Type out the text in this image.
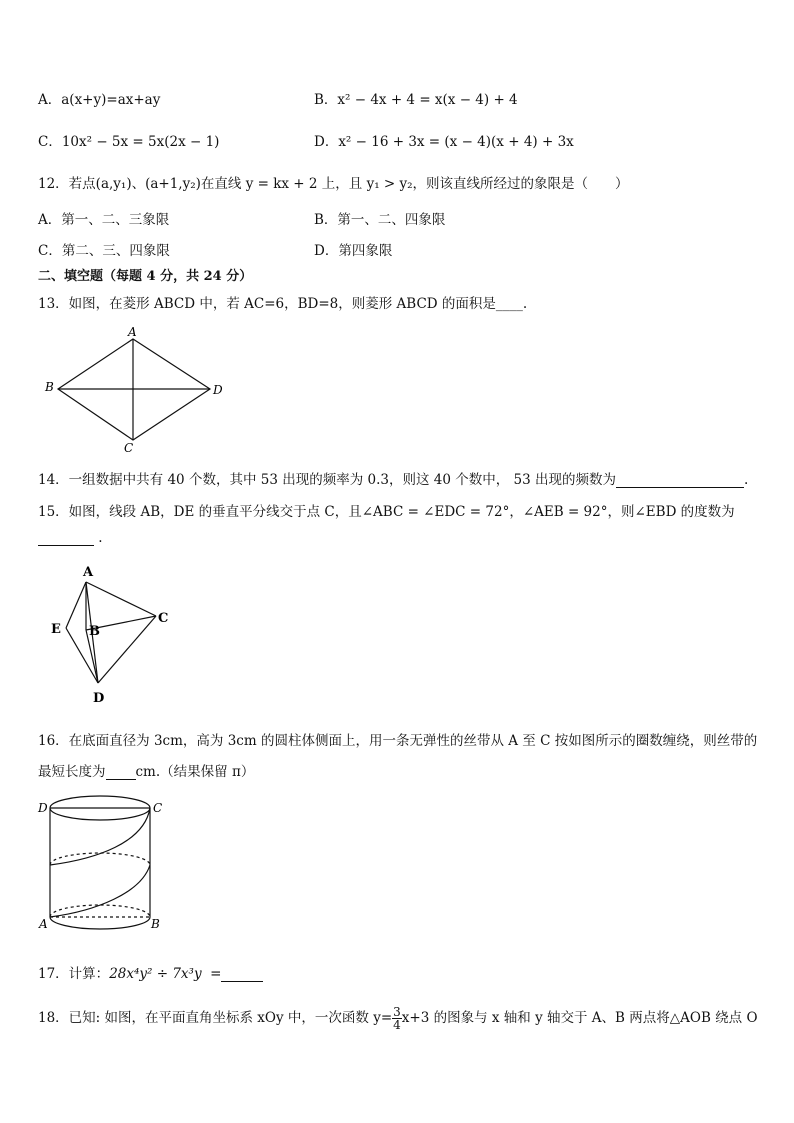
A．a(x+y)=ax+ay	B．x² − 4x + 4 = x(x − 4) + 4
C．10x² − 5x = 5x(2x − 1)	D．x² − 16 + 3x = (x − 4)(x + 4) + 3x
12．若点(a,y₁)、(a+1,y₂)在直线 y = kx + 2 上，且 y₁ > y₂，则该直线所经过的象限是（　　）
A．第一、二、三象限	B．第一、二、四象限
C．第二、三、四象限	D．第四象限
二、填空题（每题 4 分，共 24 分）
13．如图，在菱形 ABCD 中，若 AC=6，BD=8，则菱形 ABCD 的面积是____.
A
B
C
D
14．一组数据中共有 40 个数，其中 53 出现的频率为 0.3，则这 40 个数中， 53 出现的频数为	.
15．如图，线段 AB，DE 的垂直平分线交于点 C，且∠ABC = ∠EDC = 72°，∠AEB = 92°，则∠EBD 的度数为
.
A
E B
C
D
16．在底面直径为 3cm，高为 3cm 的圆柱体侧面上，用一条无弹性的丝带从 A 至 C 按如图所示的圈数缠绕，则丝带的
最短长度为 cm.（结果保留 π）
D	C
A	B
17．计算：28x⁴y² ÷ 7x³y =
18．已知: 如图，在平面直角坐标系 xOy 中，一次函数 $y= \frac{3}{4} x+3$ 的图象与 x 轴和 y 轴交于 A、B 两点将△AOB 绕点 O
